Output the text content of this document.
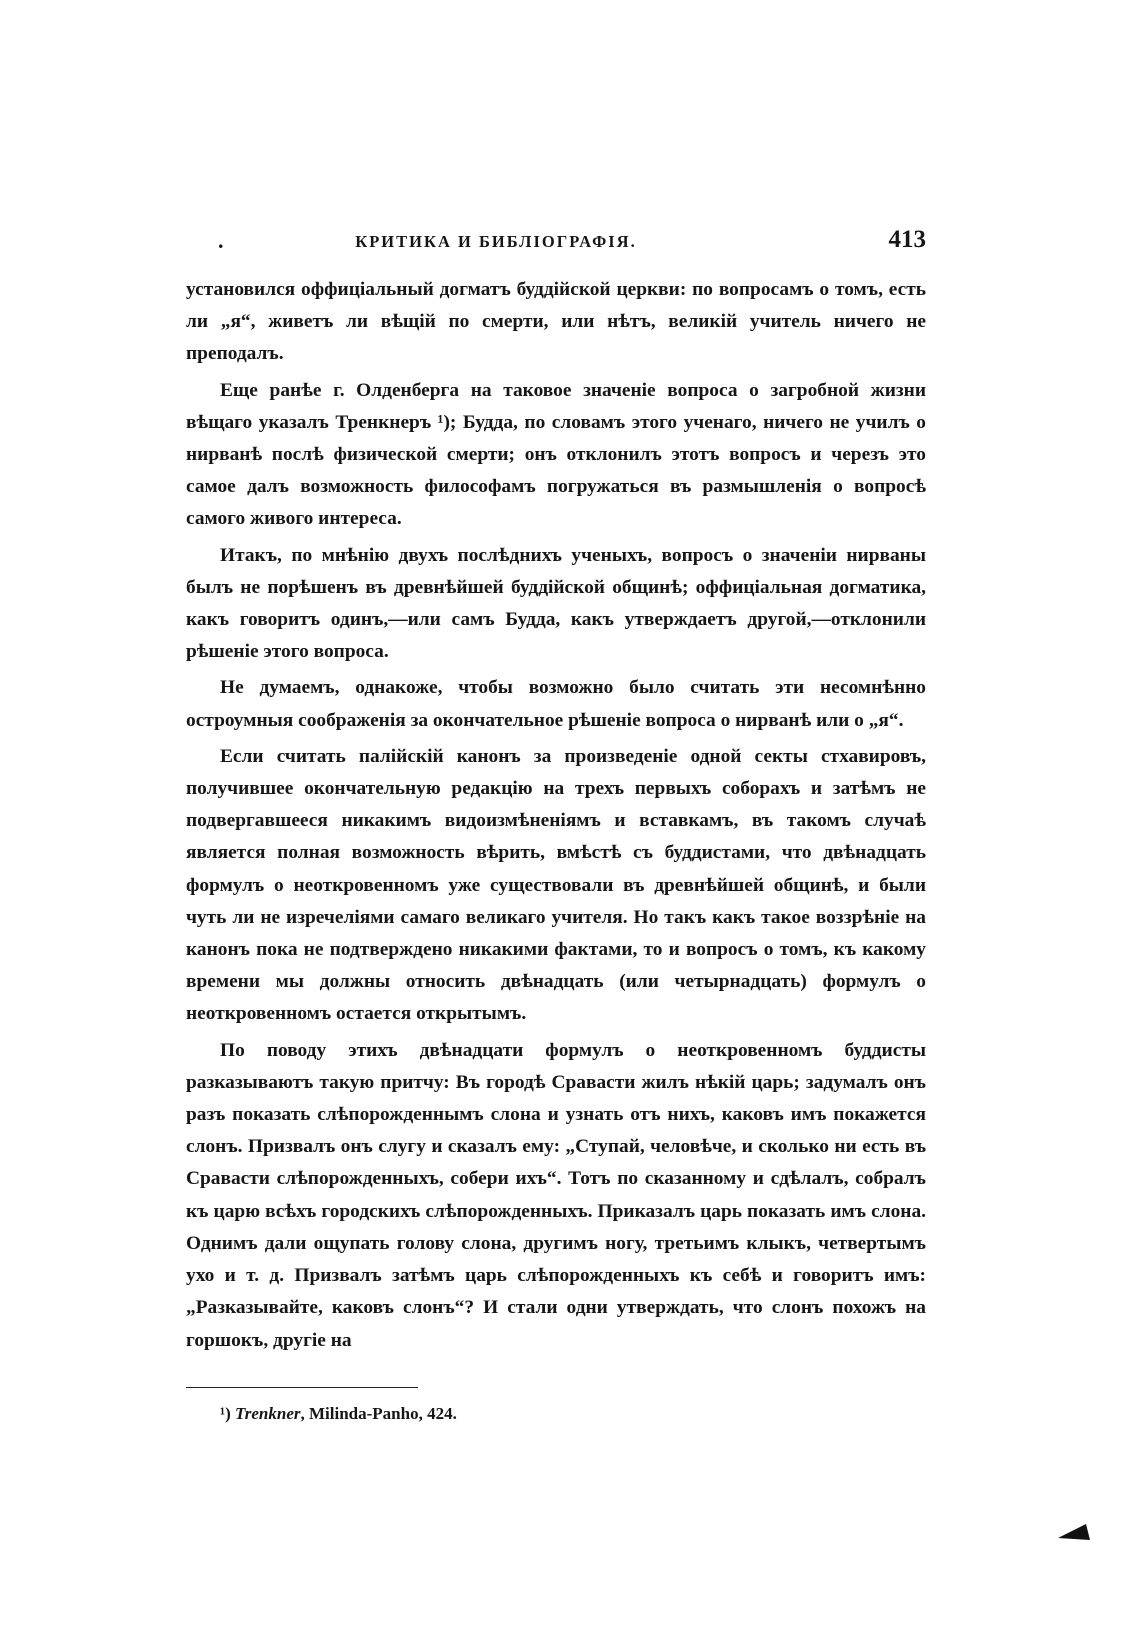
.	КРИТИКА И БИБЛІОГРАФІЯ.	413

установился оффиціальный догматъ буддійской церкви: по вопросамъ о томъ, есть ли „я“, живетъ ли вѣщій по смерти, или нѣтъ, великій учитель ничего не преподалъ.

Еще ранѣе г. Олденберга на таковое значеніе вопроса о загробной жизни вѣщаго указалъ Тренкнеръ ¹); Будда, по словамъ этого ученаго, ничего не училъ о нирванѣ послѣ физической смерти; онъ отклонилъ этотъ вопросъ и черезъ это самое далъ возможность философамъ погружаться въ размышленія о вопросѣ самого живого интереса.

Итакъ, по мнѣнію двухъ послѣднихъ ученыхъ, вопросъ о значеніи нирваны былъ не порѣшенъ въ древнѣйшей буддійской общинѣ; оффиціальная догматика, какъ говоритъ одинъ,—или самъ Будда, какъ утверждаетъ другой,—отклонили рѣшеніе этого вопроса.

Не думаемъ, однакоже, чтобы возможно было считать эти несомнѣнно остроумныя соображенія за окончательное рѣшеніе вопроса о нирванѣ или о „я“.

Если считать палійскій канонъ за произведеніе одной секты стхавировъ, получившее окончательную редакцію на трехъ первыхъ соборахъ и затѣмъ не подвергавшееся никакимъ видоизмѣненіямъ и вставкамъ, въ такомъ случаѣ является полная возможность вѣрить, вмѣстѣ съ буддистами, что двѣнадцать формулъ о неоткровенномъ уже существовали въ древнѣйшей общинѣ, и были чуть ли не изречеліями самаго великаго учителя. Но такъ какъ такое воззрѣніе на канонъ пока не подтверждено никакими фактами, то и вопросъ о томъ, къ какому времени мы должны относить двѣнадцать (или четырнадцать) формулъ о неоткровенномъ остается открытымъ.

По поводу этихъ двѣнадцати формулъ о неоткровенномъ буддисты разказываютъ такую притчу: Въ городѣ Сравасти жилъ нѣкій царь; задумалъ онъ разъ показать слѣпорожденнымъ слона и узнать отъ нихъ, каковъ имъ покажется слонъ. Призвалъ онъ слугу и сказалъ ему: „Ступай, человѣче, и сколько ни есть въ Сравасти слѣпорожденныхъ, собери ихъ“. Тотъ по сказанному и сдѣлалъ, собралъ къ царю всѣхъ городскихъ слѣпорожденныхъ. Приказалъ царь показать имъ слона. Однимъ дали ощупать голову слона, другимъ ногу, третьимъ клыкъ, четвертымъ ухо и т. д. Призвалъ затѣмъ царь слѣпорожденныхъ къ себѣ и говоритъ имъ: „Разказывайте, каковъ слонъ“? И стали одни утверждать, что слонъ похожъ на горшокъ, другіе на

¹) Trenkner, Milinda-Panho, 424.
